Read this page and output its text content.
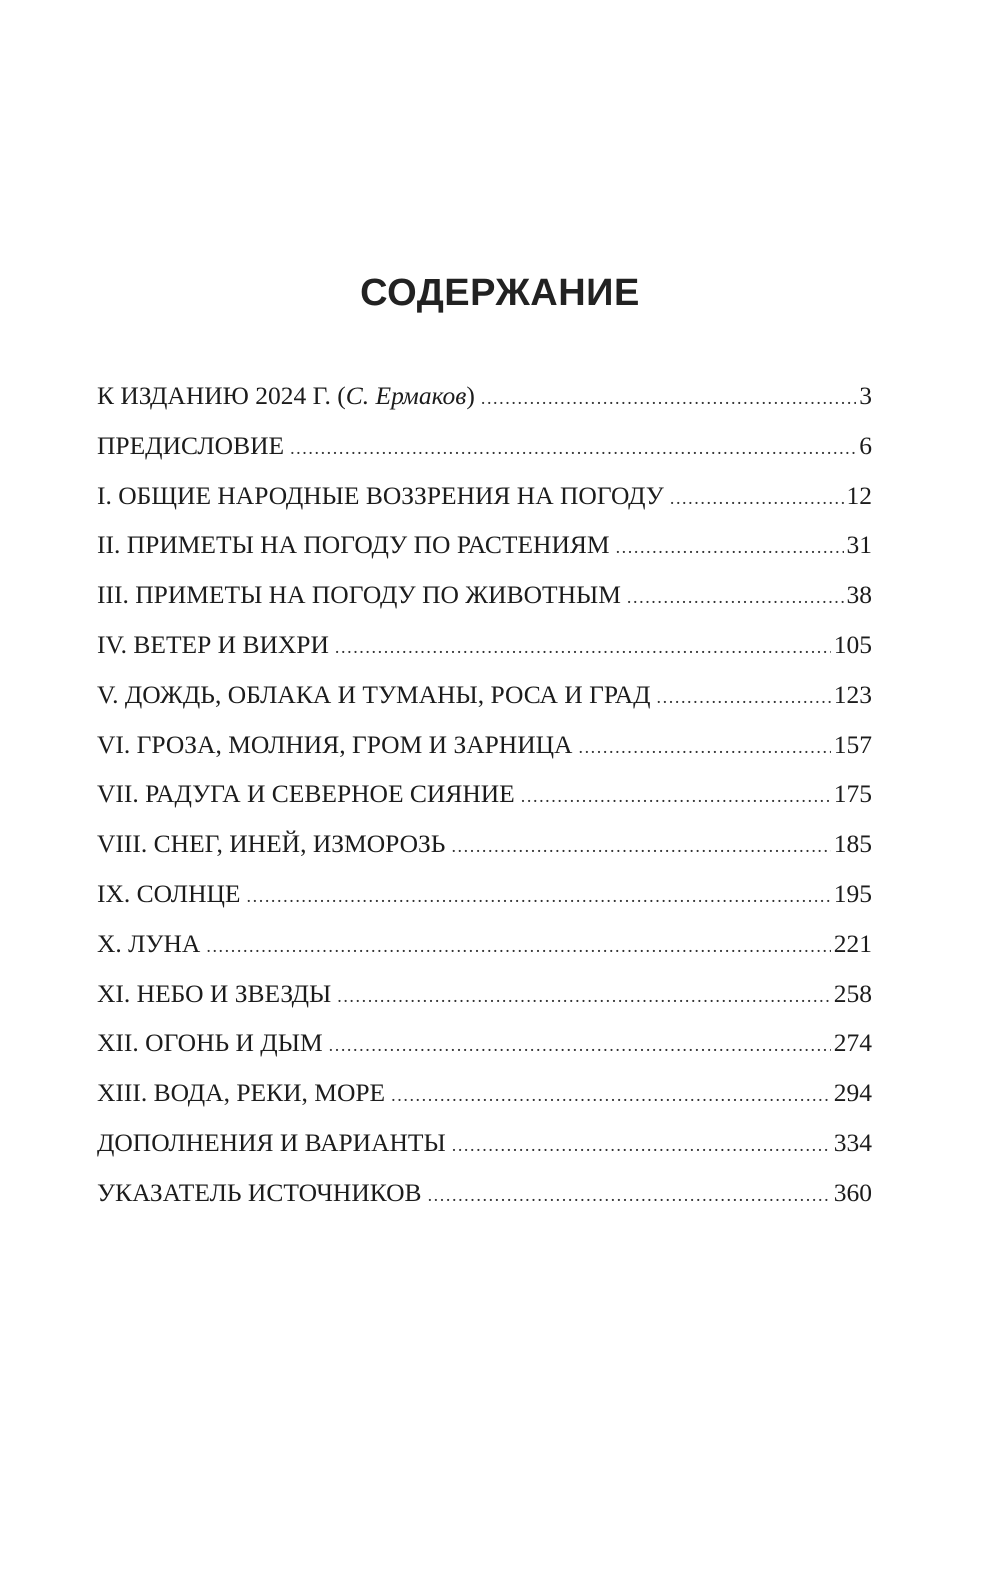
СОДЕРЖАНИЕ
К ИЗДАНИЮ 2024 Г. (С. Ермаков) .....	3
ПРЕДИСЛОВИЕ .....	6
I. ОБЩИЕ НАРОДНЫЕ ВОЗЗРЕНИЯ НА ПОГОДУ .....	12
II. ПРИМЕТЫ НА ПОГОДУ ПО РАСТЕНИЯМ .....	31
III. ПРИМЕТЫ НА ПОГОДУ ПО ЖИВОТНЫМ .....	38
IV. ВЕТЕР И ВИХРИ .....	105
V. ДОЖДЬ, ОБЛАКА И ТУМАНЫ, РОСА И ГРАД .....	123
VI. ГРОЗА, МОЛНИЯ, ГРОМ И ЗАРНИЦА .....	157
VII. РАДУГА И СЕВЕРНОЕ СИЯНИЕ .....	175
VIII. СНЕГ, ИНЕЙ, ИЗМОРОЗЬ .....	185
IX. СОЛНЦЕ .....	195
X. ЛУНА .....	221
XI. НЕБО И ЗВЕЗДЫ .....	258
XII. ОГОНЬ И ДЫМ .....	274
XIII. ВОДА, РЕКИ, МОРЕ .....	294
ДОПОЛНЕНИЯ И ВАРИАНТЫ .....	334
УКАЗАТЕЛЬ ИСТОЧНИКОВ .....	360
